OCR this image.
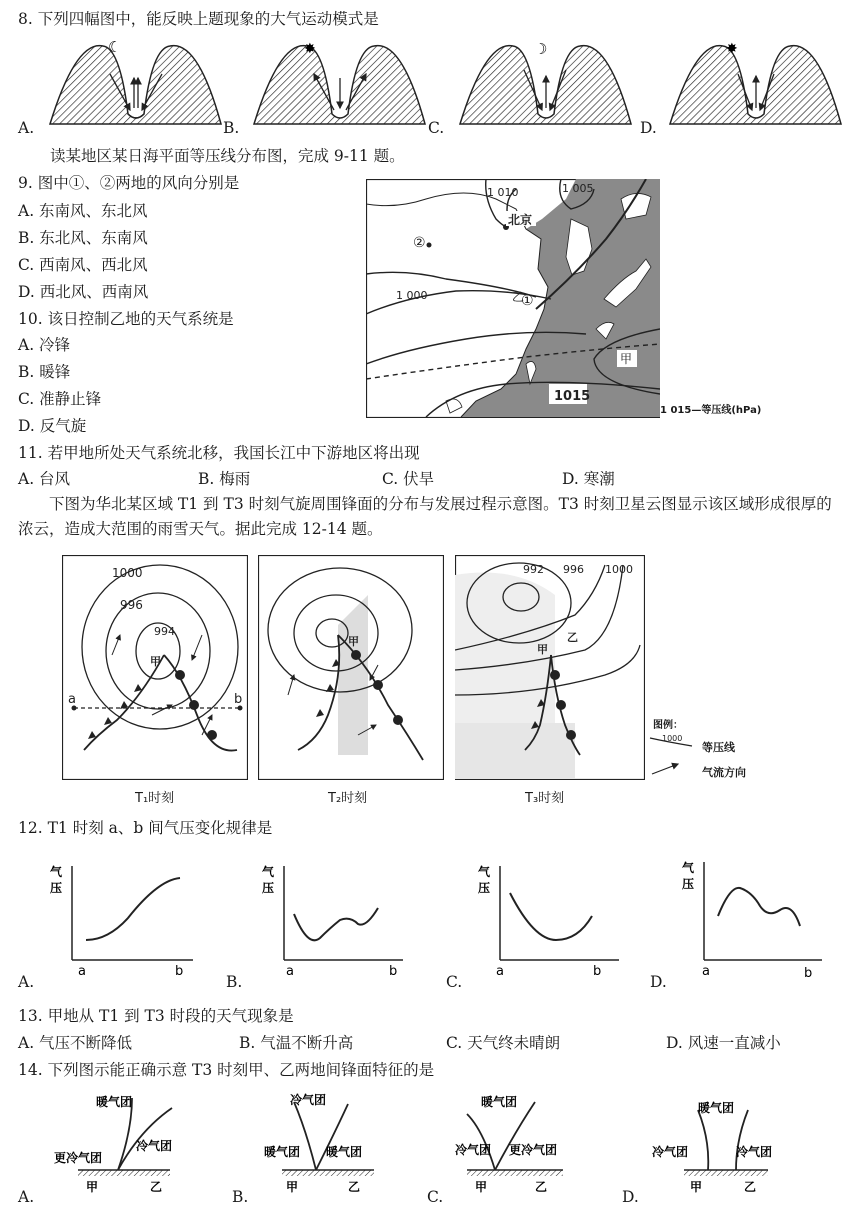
8. 下列四幅图中，能反映上题现象的大气运动模式是
A.	B.	C.	D.
☾	✸	☽	✸
读某地区某日海平面等压线分布图，完成 9-11 题。
9. 图中①、②两地的风向分别是
A. 东南风、东北风
B. 东北风、东南风
C. 西南风、西北风
D. 西北风、西南风
10. 该日控制乙地的天气系统是
A. 冷锋
B. 暖锋
C. 准静止锋
D. 反气旋
1 010	1 005
1 000
1015
北京
①
②
乙
甲
1 015—等压线(hPa)
11. 若甲地所处天气系统北移，我国长江中下游地区将出现
A. 台风	B. 梅雨	C. 伏旱	D. 寒潮
下图为华北某区域 T1 到 T3 时刻气旋周围锋面的分布与发展过程示意图。T3 时刻卫星云图显示该区域形成很厚的浓云，造成大范围的雨雪天气。据此完成 12-14 题。
1000
996
994
甲
a	b
甲
992 996 1000
甲
乙
图例：
1000
等压线
气流方向
T₁时刻	T₂时刻	T₃时刻
12. T1 时刻 a、b 间气压变化规律是
A.	B.	C.	D.
气
压
a	b
气
压
a	b
气
压
a	b
气
压
a	b
13. 甲地从 T1 到 T3 时段的天气现象是
A. 气压不断降低	B. 气温不断升高	C. 天气终未晴朗	D. 风速一直减小
14. 下列图示能正确示意 T3 时刻甲、乙两地间锋面特征的是
A.	B.	C.	D.
暖气团
更冷气团
冷气团
甲	乙
冷气团
暖气团 暖气团
甲	乙
暖气团
冷气团 更冷气团
甲	乙
暖气团
冷气团	冷气团
甲	乙
